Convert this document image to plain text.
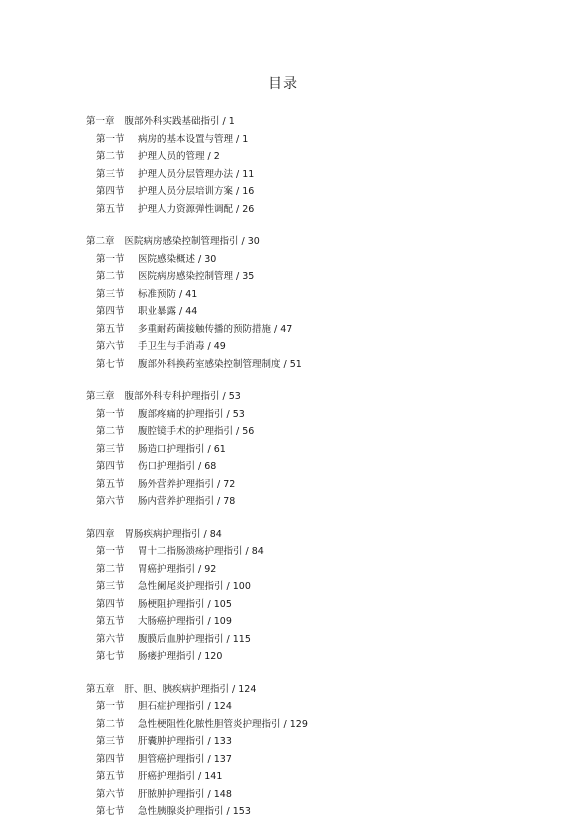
目录
第一章 腹部外科实践基础指引 / 1
第一节 病房的基本设置与管理 / 1
第二节 护理人员的管理 / 2
第三节 护理人员分层管理办法 / 11
第四节 护理人员分层培训方案 / 16
第五节 护理人力资源弹性调配 / 26
第二章 医院病房感染控制管理指引 / 30
第一节 医院感染概述 / 30
第二节 医院病房感染控制管理 / 35
第三节 标准预防 / 41
第四节 职业暴露 / 44
第五节 多重耐药菌接触传播的预防措施 / 47
第六节 手卫生与手消毒 / 49
第七节 腹部外科换药室感染控制管理制度 / 51
第三章 腹部外科专科护理指引 / 53
第一节 腹部疼痛的护理指引 / 53
第二节 腹腔镜手术的护理指引 / 56
第三节 肠造口护理指引 / 61
第四节 伤口护理指引 / 68
第五节 肠外营养护理指引 / 72
第六节 肠内营养护理指引 / 78
第四章 胃肠疾病护理指引 / 84
第一节 胃十二指肠溃疡护理指引 / 84
第二节 胃癌护理指引 / 92
第三节 急性阑尾炎护理指引 / 100
第四节 肠梗阻护理指引 / 105
第五节 大肠癌护理指引 / 109
第六节 腹膜后血肿护理指引 / 115
第七节 肠瘘护理指引 / 120
第五章 肝、胆、胰疾病护理指引 / 124
第一节 胆石症护理指引 / 124
第二节 急性梗阻性化脓性胆管炎护理指引 / 129
第三节 肝囊肿护理指引 / 133
第四节 胆管癌护理指引 / 137
第五节 肝癌护理指引 / 141
第六节 肝脓肿护理指引 / 148
第七节 急性胰腺炎护理指引 / 153
